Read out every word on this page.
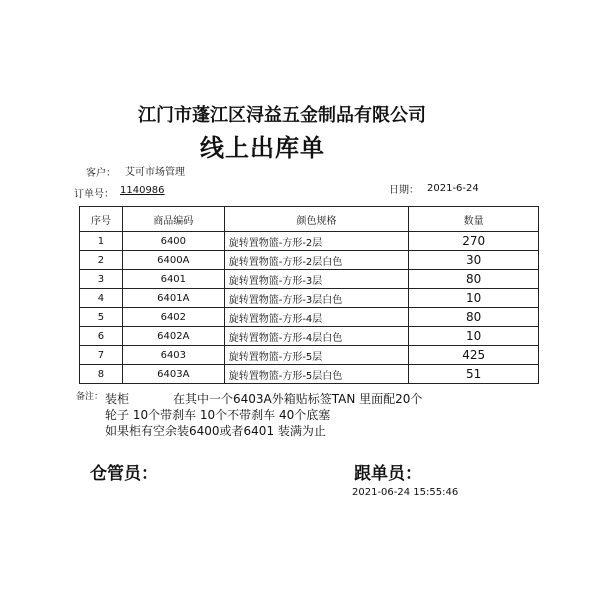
江门市蓬江区浔益五金制品有限公司
线上出库单
客户： 艾可市场管理
订单号： 1140986	日期： 2021-6-24
序号	商品编码	颜色规格	数量
1	6400	旋转置物篮-方形-2层	270
2	6400A	旋转置物篮-方形-2层白色	30
3	6401	旋转置物篮-方形-3层	80
4	6401A	旋转置物篮-方形-3层白色	10
5	6402	旋转置物篮-方形-4层	80
6	6402A	旋转置物篮-方形-4层白色	10
7	6403	旋转置物篮-方形-5层	425
8	6403A	旋转置物篮-方形-5层白色	51
备注： 装柜	在其中一个6403A外箱贴标签TAN 里面配20个
轮子 10个带刹车 10个不带刹车 40个底塞
如果柜有空余装6400或者6401 装满为止
仓管员：	跟单员：
2021-06-24 15:55:46
